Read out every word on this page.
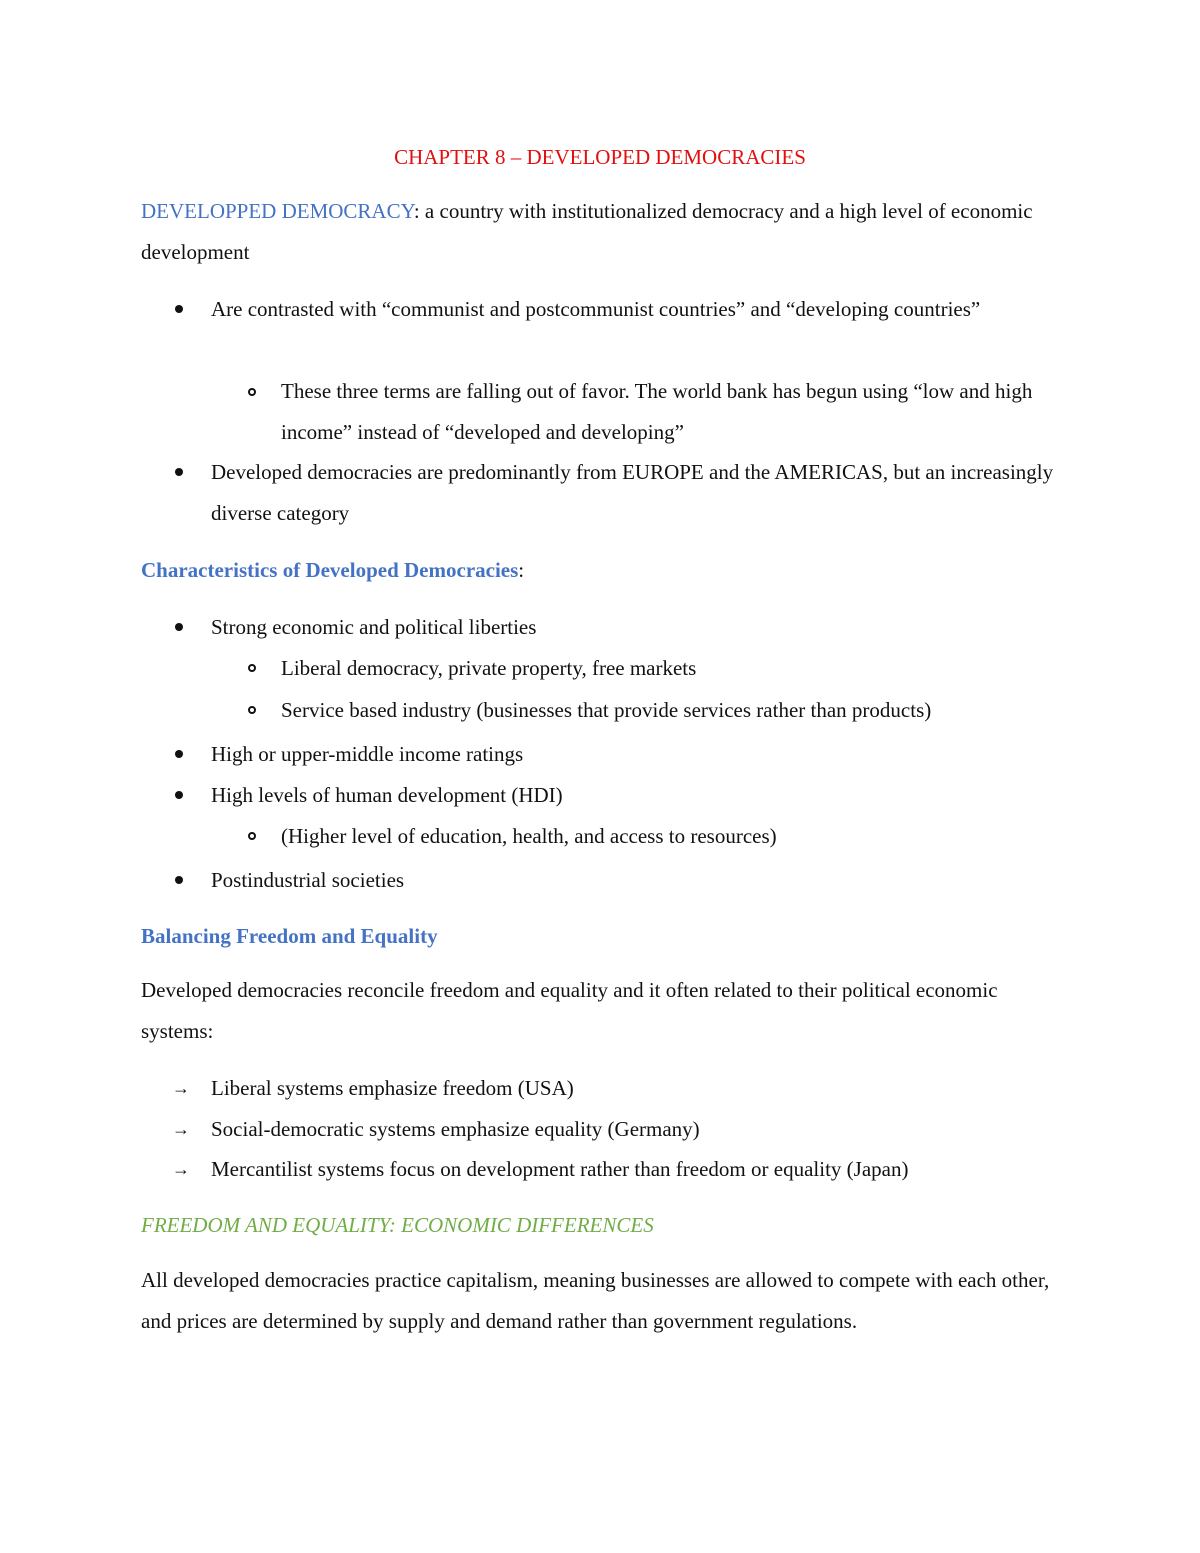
CHAPTER 8 – DEVELOPED DEMOCRACIES

DEVELOPPED DEMOCRACY: a country with institutionalized democracy and a high level of economic development

Are contrasted with “communist and postcommunist countries” and “developing countries”

These three terms are falling out of favor. The world bank has begun using “low and high income” instead of “developed and developing”

Developed democracies are predominantly from EUROPE and the AMERICAS, but an increasingly diverse category

Characteristics of Developed Democracies:
Strong economic and political liberties
Liberal democracy, private property, free markets
Service based industry (businesses that provide services rather than products)
High or upper-middle income ratings
High levels of human development (HDI)
(Higher level of education, health, and access to resources)
Postindustrial societies
Balancing Freedom and Equality

Developed democracies reconcile freedom and equality and it often related to their political economic systems:

→ Liberal systems emphasize freedom (USA)
→ Social-democratic systems emphasize equality (Germany)
→ Mercantilist systems focus on development rather than freedom or equality (Japan)
FREEDOM AND EQUALITY: ECONOMIC DIFFERENCES

All developed democracies practice capitalism, meaning businesses are allowed to compete with each other, and prices are determined by supply and demand rather than government regulations.
